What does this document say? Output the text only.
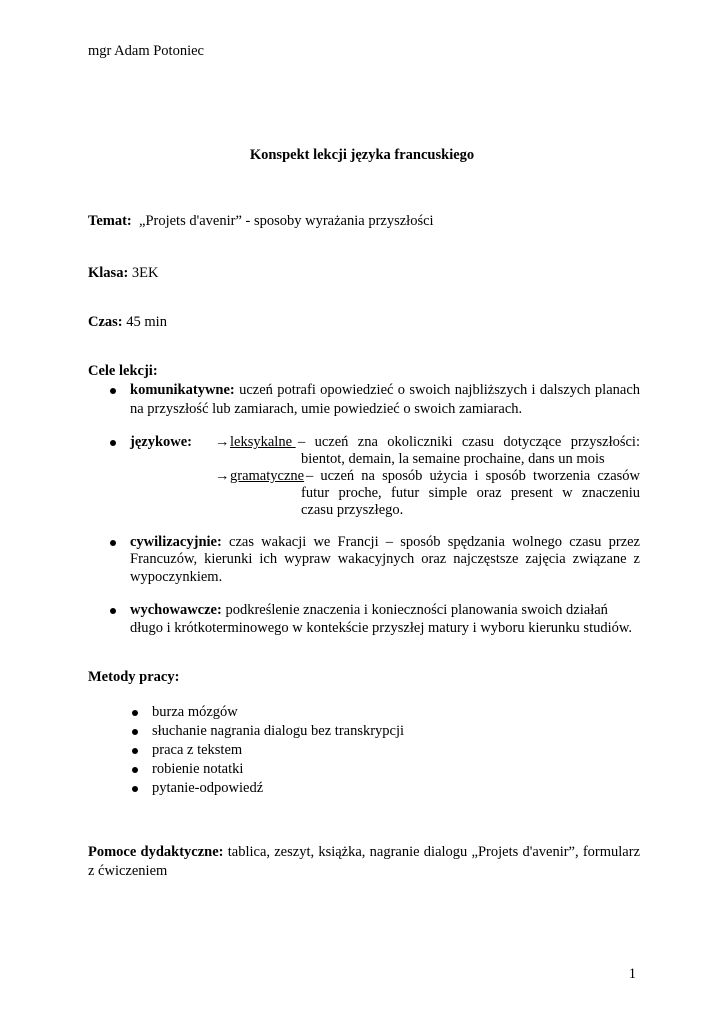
mgr Adam Potoniec
Konspekt lekcji języka francuskiego
Temat: „Projets d'avenir” - sposoby wyrażania przyszłości
Klasa: 3EK
Czas: 45 min
Cele lekcji:
komunikatywne: uczeń potrafi opowiedzieć o swoich najbliższych i dalszych planach
na przyszłość lub zamiarach, umie powiedzieć o swoich zamiarach.
językowe: → leksykalne – uczeń zna okoliczniki czasu dotyczące przyszłości:
bientot, demain, la semaine prochaine, dans un mois
→ gramatyczne – uczeń na sposób użycia i sposób tworzenia czasów
futur proche, futur simple oraz present w znaczeniu
czasu przyszłego.
cywilizacyjnie: czas wakacji we Francji – sposób spędzania wolnego czasu przez
Francuzów, kierunki ich wypraw wakacyjnych oraz najczęstsze zajęcia związane z
wypoczynkiem.
wychowawcze: podkreślenie znaczenia i konieczności planowania swoich działań
długo i krótkoterminowego w kontekście przyszłej matury i wyboru kierunku studiów.
Metody pracy:
burza mózgów
słuchanie nagrania dialogu bez transkrypcji
praca z tekstem
robienie notatki
pytanie-odpowiedź
Pomoce dydaktyczne: tablica, zeszyt, książka, nagranie dialogu „Projets d'avenir”, formularz
z ćwiczeniem
1
